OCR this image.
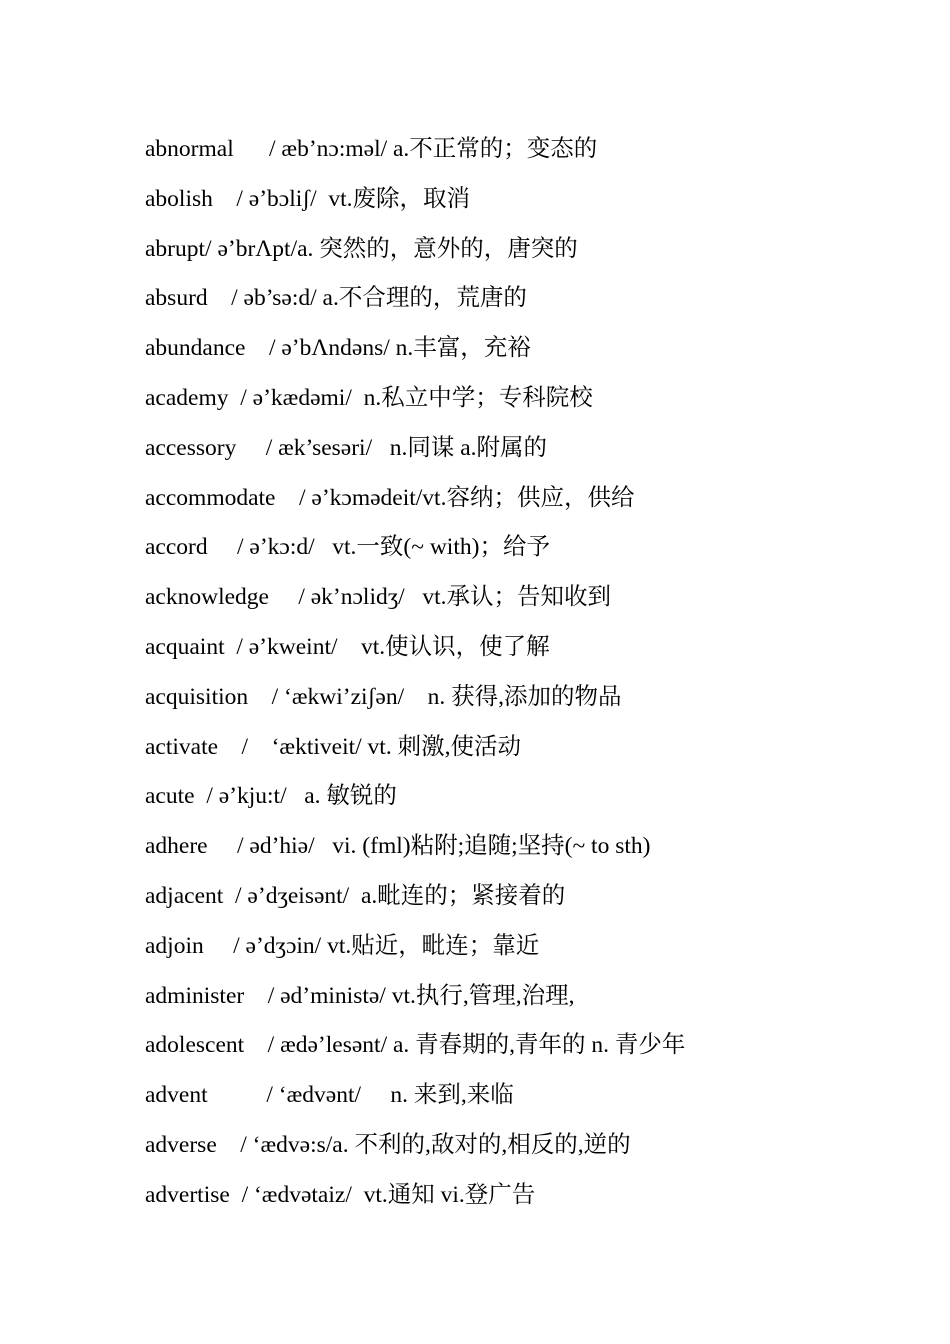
abnormal      / æb’nɔ:məl/ a.不正常的；变态的
abolish    / ə’bɔliʃ/  vt.废除，取消
abrupt/ ə’brΛpt/a. 突然的，意外的，唐突的
absurd    / əb’sə:d/ a.不合理的，荒唐的
abundance    / ə’bΛndəns/ n.丰富，充裕
academy  / ə’kædəmi/  n.私立中学；专科院校
accessory     / æk’sesəri/   n.同谋 a.附属的
accommodate    / ə’kɔmədeit/vt.容纳；供应，供给
accord     / ə’kɔ:d/   vt.一致(~ with)；给予
acknowledge     / ək’nɔlidʒ/   vt.承认；告知收到
acquaint  / ə’kweint/    vt.使认识，使了解
acquisition    / ‘ækwi’ziʃən/    n. 获得,添加的物品
activate    /    ‘æktiveit/ vt. 刺激,使活动
acute  / ə’kju:t/   a. 敏锐的
adhere     / əd’hiə/   vi. (fml)粘附;追随;坚持(~ to sth)
adjacent  / ə’dʒeisənt/  a.毗连的；紧接着的
adjoin     / ə’dʒɔin/ vt.贴近，毗连；靠近
administer    / əd’ministə/ vt.执行,管理,治理,
adolescent    / ædə’lesənt/ a. 青春期的,青年的 n. 青少年
advent          / ‘ædvənt/     n. 来到,来临
adverse    / ‘ædvə:s/a. 不利的,敌对的,相反的,逆的
advertise  / ‘ædvətaiz/  vt.通知 vi.登广告
